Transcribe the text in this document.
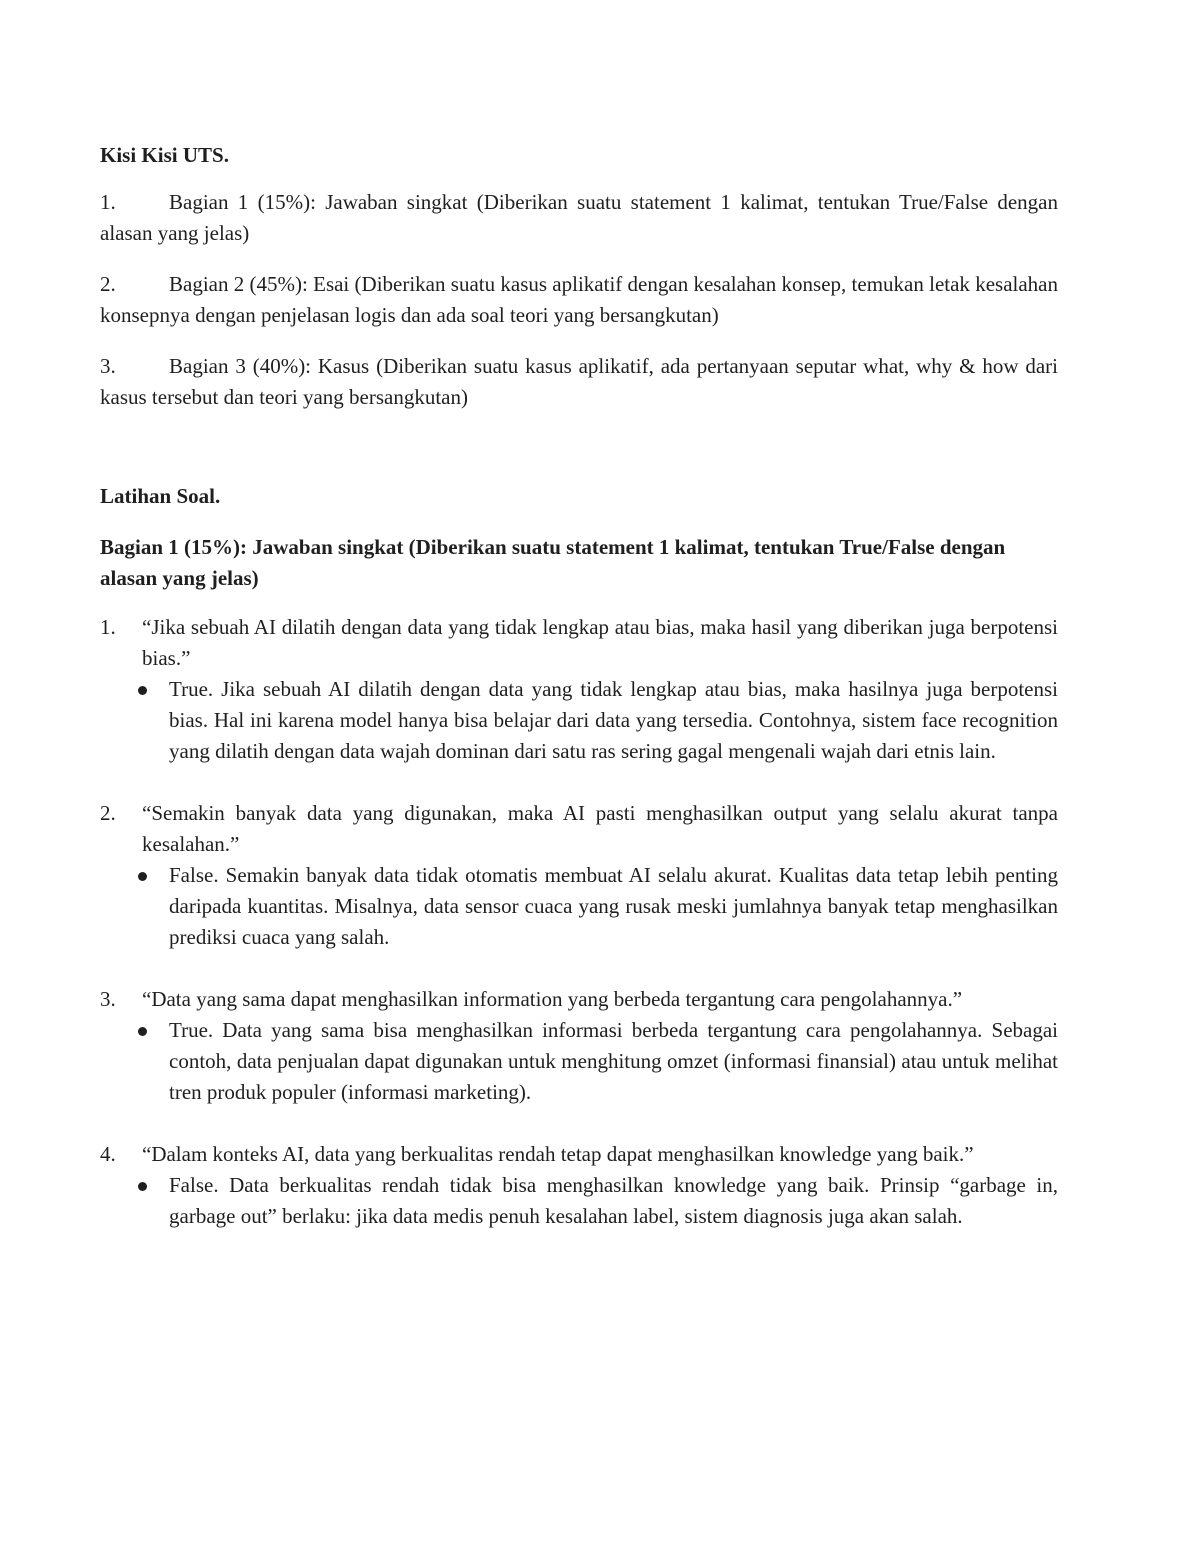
Kisi Kisi UTS.

1.	Bagian 1 (15%): Jawaban singkat (Diberikan suatu statement 1 kalimat, tentukan True/False dengan alasan yang jelas)

2.	Bagian 2 (45%): Esai (Diberikan suatu kasus aplikatif dengan kesalahan konsep, temukan letak kesalahan konsepnya dengan penjelasan logis dan ada soal teori yang bersangkutan)

3.	Bagian 3 (40%): Kasus (Diberikan suatu kasus aplikatif, ada pertanyaan seputar what, why & how dari kasus tersebut dan teori yang bersangkutan)

Latihan Soal.

Bagian 1 (15%): Jawaban singkat (Diberikan suatu statement 1 kalimat, tentukan True/False dengan alasan yang jelas)

1. “Jika sebuah AI dilatih dengan data yang tidak lengkap atau bias, maka hasil yang diberikan juga berpotensi bias.”

True. Jika sebuah AI dilatih dengan data yang tidak lengkap atau bias, maka hasilnya juga berpotensi bias. Hal ini karena model hanya bisa belajar dari data yang tersedia. Contohnya, sistem face recognition yang dilatih dengan data wajah dominan dari satu ras sering gagal mengenali wajah dari etnis lain.

2. “Semakin banyak data yang digunakan, maka AI pasti menghasilkan output yang selalu akurat tanpa kesalahan.”

False. Semakin banyak data tidak otomatis membuat AI selalu akurat. Kualitas data tetap lebih penting daripada kuantitas. Misalnya, data sensor cuaca yang rusak meski jumlahnya banyak tetap menghasilkan prediksi cuaca yang salah.

3. “Data yang sama dapat menghasilkan information yang berbeda tergantung cara pengolahannya.”

True. Data yang sama bisa menghasilkan informasi berbeda tergantung cara pengolahannya. Sebagai contoh, data penjualan dapat digunakan untuk menghitung omzet (informasi finansial) atau untuk melihat tren produk populer (informasi marketing).

4. “Dalam konteks AI, data yang berkualitas rendah tetap dapat menghasilkan knowledge yang baik.”

False. Data berkualitas rendah tidak bisa menghasilkan knowledge yang baik. Prinsip “garbage in, garbage out” berlaku: jika data medis penuh kesalahan label, sistem diagnosis juga akan salah.
